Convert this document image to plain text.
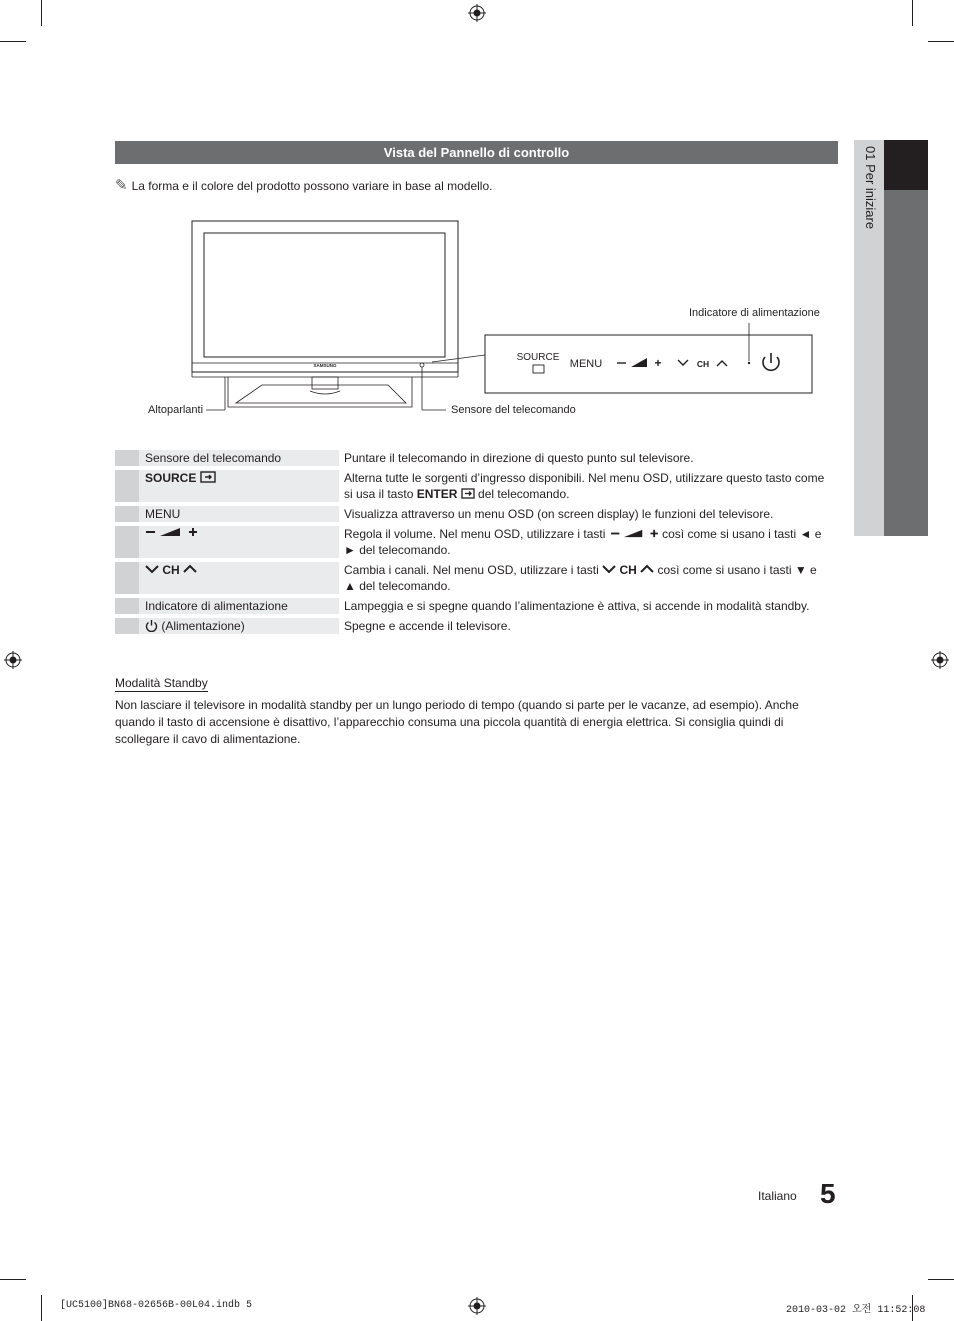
01 Per iniziare
Vista del Pannello di controllo
✎ La forma e il colore del prodotto possono variare in base al modello.
SAMSUNG
SOURCE
MENU	+	CH
Indicatore di alimentazione
Altoparlanti	Sensore del telecomando
	Sensore del telecomando	Puntare il telecomando in direzione di questo punto sul televisore.
	SOURCE	Alterna tutte le sorgenti d’ingresso disponibili. Nel menu OSD, utilizzare questo tasto come si usa il tasto ENTER  del telecomando.
	MENU	Visualizza attraverso un menu OSD (on screen display) le funzioni del televisore.
		Regola il volume. Nel menu OSD, utilizzare i tasti così come si usano i tasti ◄ e ► del telecomando.
	CH	Cambia i canali. Nel menu OSD, utilizzare i tasti  CH  così come si usano i tasti ▼ e ▲ del telecomando.
	Indicatore di alimentazione	Lampeggia e si spegne quando l’alimentazione è attiva, si accende in modalità standby.
	(Alimentazione)	Spegne e accende il televisore.
Modalità Standby
Non lasciare il televisore in modalità standby per un lungo periodo di tempo (quando si parte per le vacanze, ad esempio). Anche quando il tasto di accensione è disattivo, l’apparecchio consuma una piccola quantità di energia elettrica. Si consiglia quindi di scollegare il cavo di alimentazione.
Italiano 5
[UC5100]BN68-02656B-00L04.indb 5	2010-03-02 오전 11:52:08
